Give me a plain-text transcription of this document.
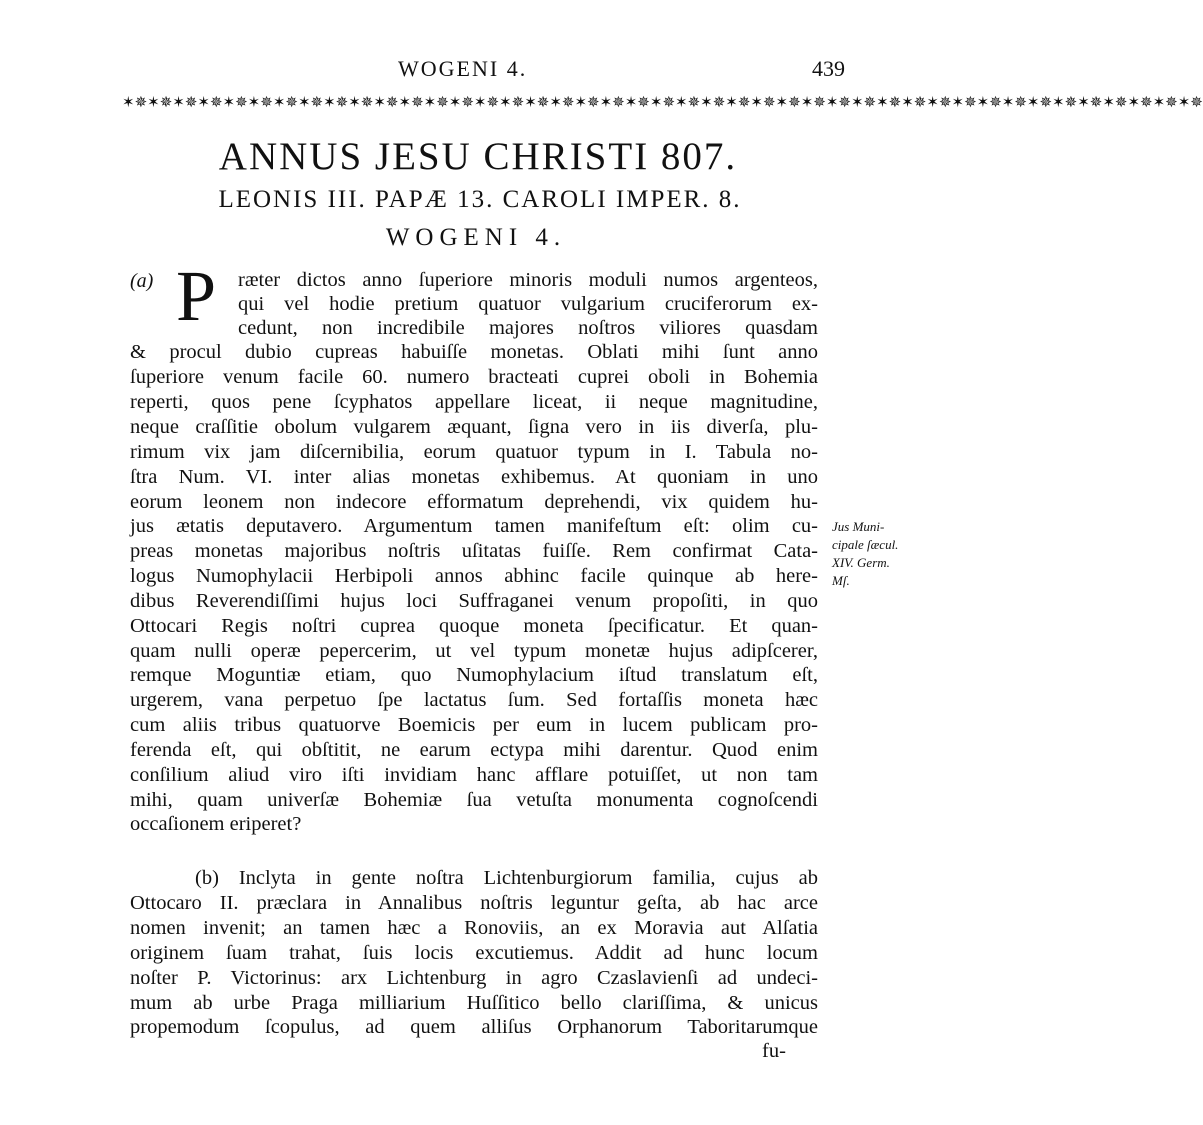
WOGENI 4.	439
✶✵✶✵✶✵✶✵✶✵✶✵✶✵✶✵✶✵✶✵✶✵✶✵✶✵✶✵✶✵✶✵✶✵✶✵✶✵✶✵✶✵✶✵✶✵✶✵✶✵✶✵✶✵✶✵✶✵✶✵✶✵✶✵✶✵✶✵✶✵✶✵✶✵✶✵✶✵✶✵✶✵✶✵✶✵
ANNUS JESU CHRISTI 807.
LEONIS III. PAPÆ 13. CAROLI IMPER. 8.
WOGENI 4.
(a) P ræter dictos anno ſuperiore minoris moduli numos argenteos,
qui vel hodie pretium quatuor vulgarium cruciferorum ex-
cedunt, non incredibile majores noſtros viliores quasdam
& procul dubio cupreas habuiſſe monetas. Oblati mihi ſunt anno
ſuperiore venum facile 60. numero bracteati cuprei oboli in Bohemia
reperti, quos pene ſcyphatos appellare liceat, ii neque magnitudine,
neque craſſitie obolum vulgarem æquant, ſigna vero in iis diverſa, plu-
rimum vix jam diſcernibilia, eorum quatuor typum in I. Tabula no-
ſtra Num. VI. inter alias monetas exhibemus. At quoniam in uno
eorum leonem non indecore efformatum deprehendi, vix quidem hu-
jus ætatis deputavero. Argumentum tamen manifeſtum eſt: olim cu-
preas monetas majoribus noſtris uſitatas fuiſſe. Rem confirmat Cata-
logus Numophylacii Herbipoli annos abhinc facile quinque ab here-
dibus Reverendiſſimi hujus loci Suffraganei venum propoſiti, in quo
Ottocari Regis noſtri cuprea quoque moneta ſpecificatur. Et quan-
quam nulli operæ pepercerim, ut vel typum monetæ hujus adipſcerer,
remque Moguntiæ etiam, quo Numophylacium iſtud translatum eſt,
urgerem, vana perpetuo ſpe lactatus ſum. Sed fortaſſis moneta hæc
cum aliis tribus quatuorve Boemicis per eum in lucem publicam pro-
ferenda eſt, qui obſtitit, ne earum ectypa mihi darentur. Quod enim
conſilium aliud viro iſti invidiam hanc afflare potuiſſet, ut non tam
mihi, quam univerſæ Bohemiæ ſua vetuſta monumenta cognoſcendi
occaſionem eriperet?
Jus Muni-
cipale ſæcul.
XIV. Germ.
Mſ.
(b) Inclyta in gente noſtra Lichtenburgiorum familia, cujus ab
Ottocaro II. præclara in Annalibus noſtris leguntur geſta, ab hac arce
nomen invenit; an tamen hæc a Ronoviis, an ex Moravia aut Alſatia
originem ſuam trahat, ſuis locis excutiemus. Addit ad hunc locum
noſter P. Victorinus: arx Lichtenburg in agro Czaslavienſi ad undeci-
mum ab urbe Praga milliarium Huſſitico bello clariſſima, & unicus
propemodum ſcopulus, ad quem alliſus Orphanorum Taboritarumque
fu-
